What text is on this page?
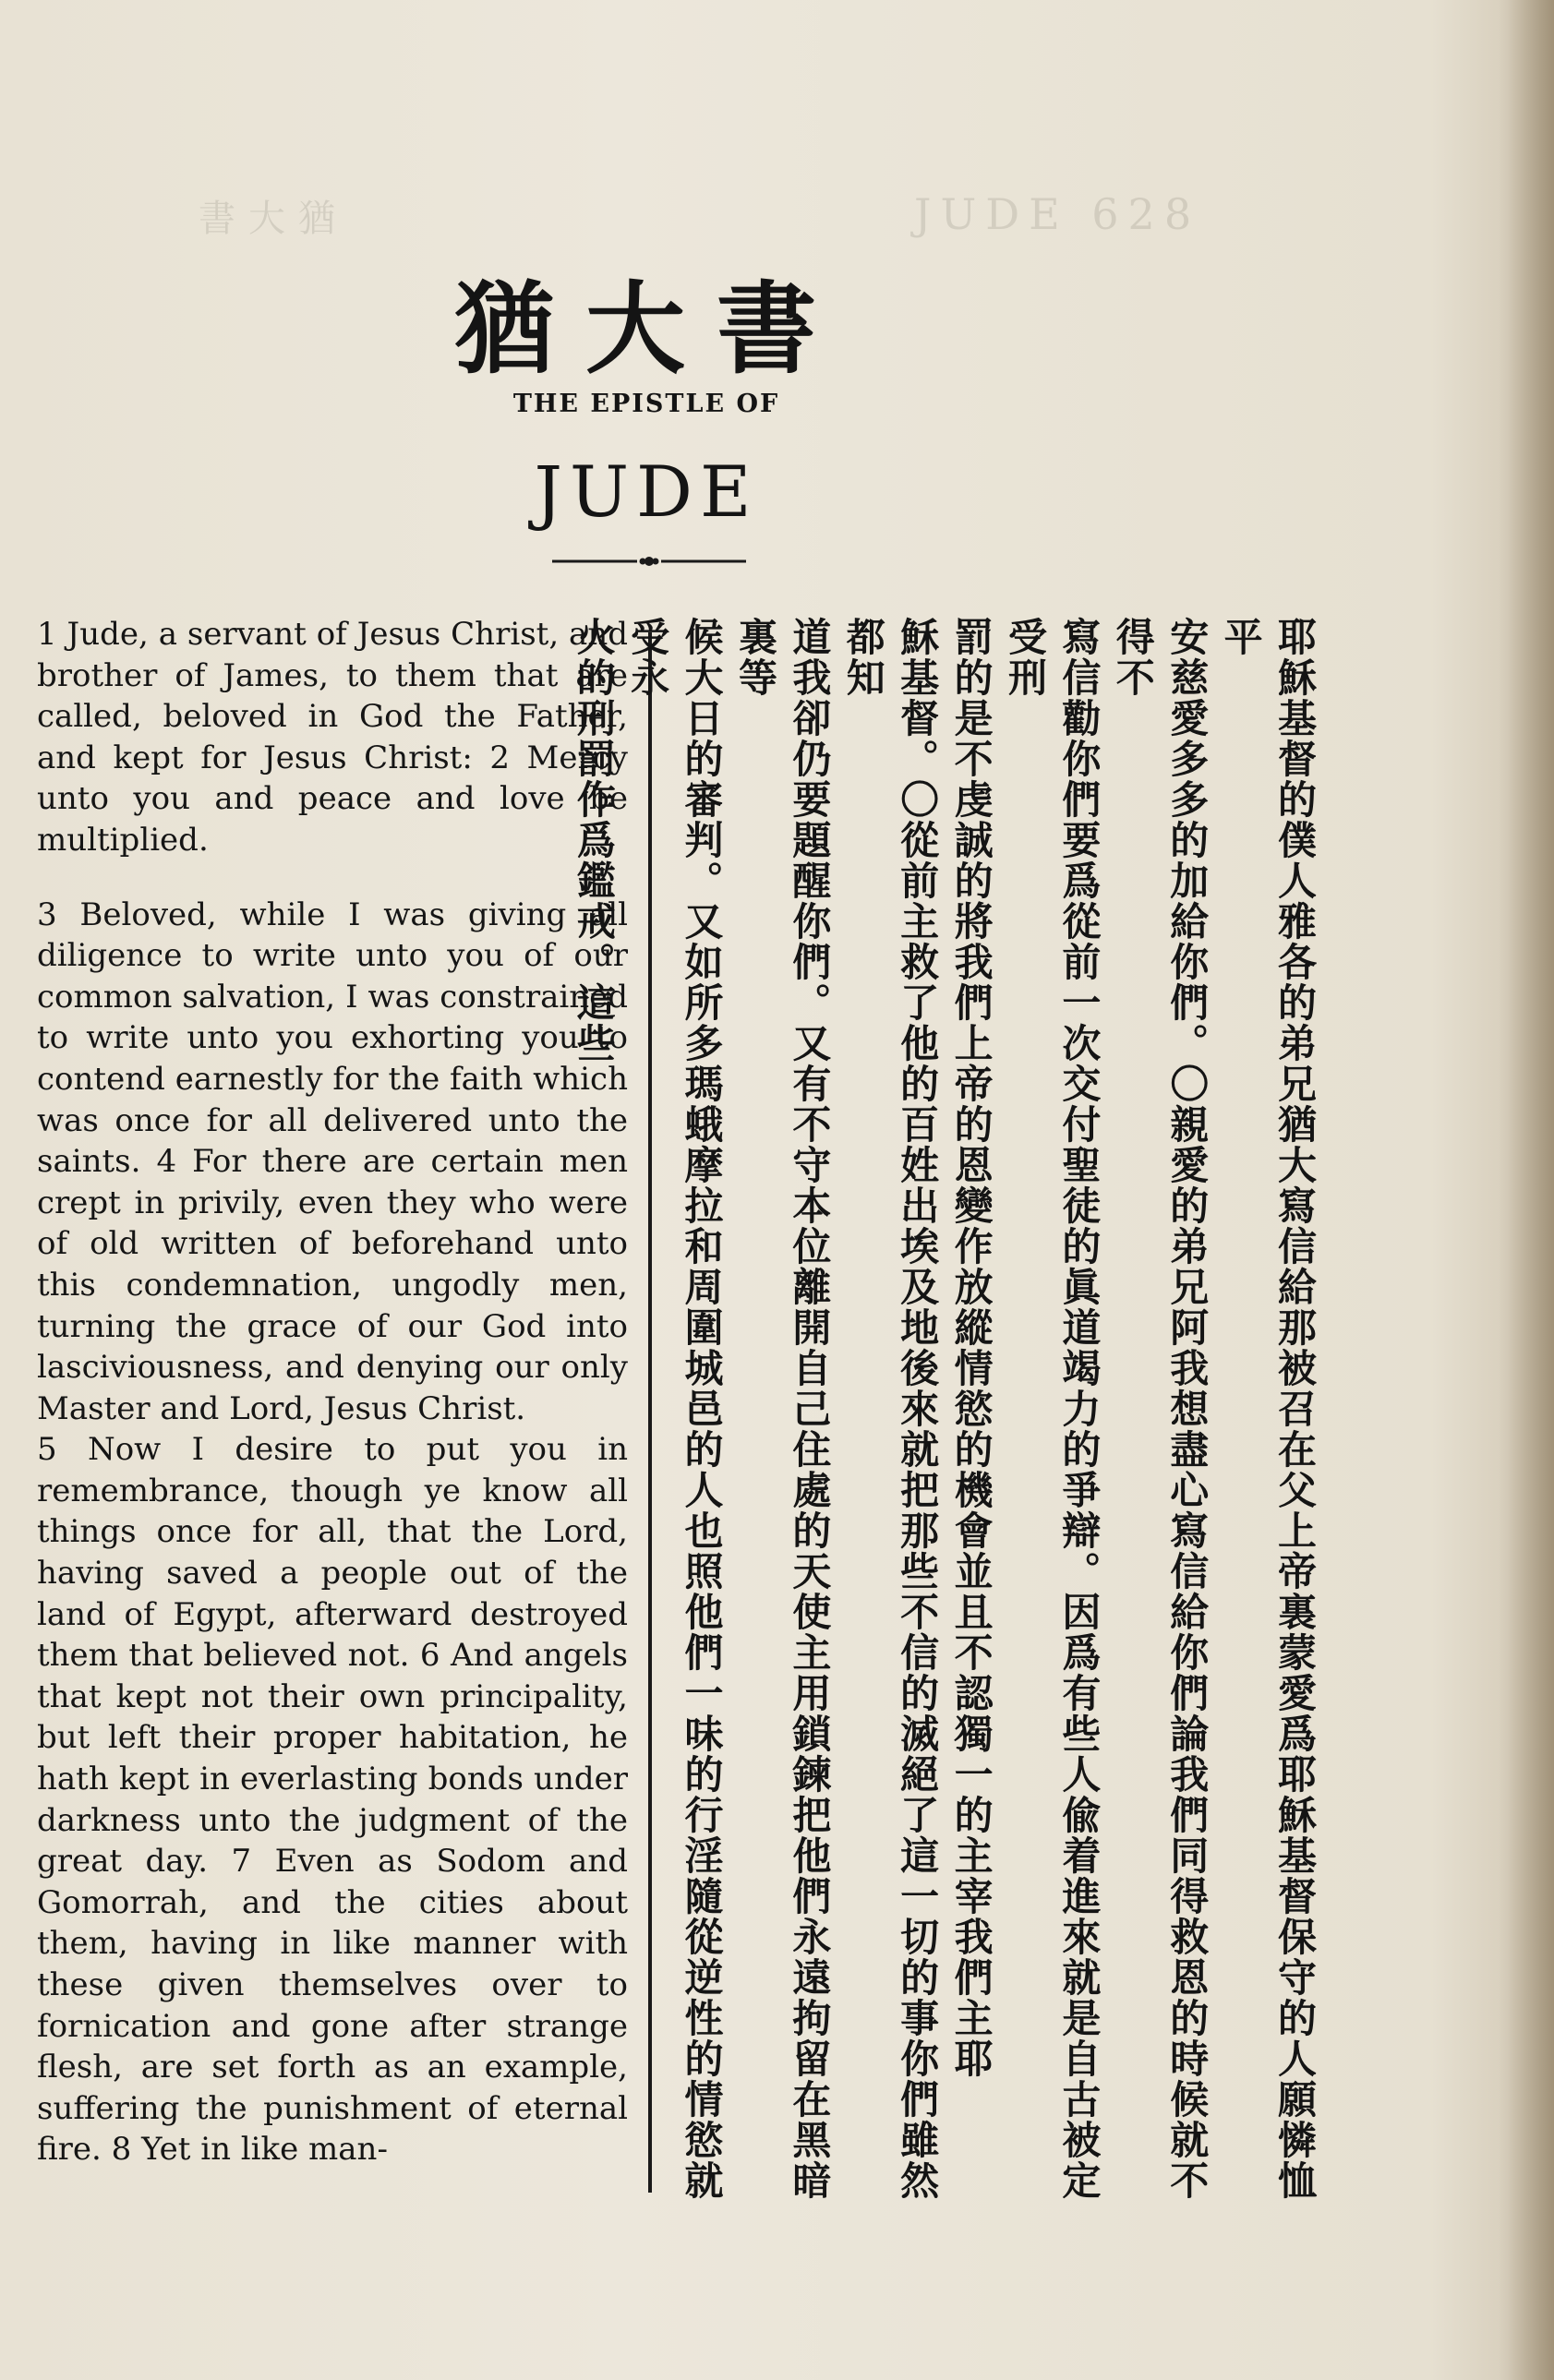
書大猶	JUDE 628
猶大書
THE EPISTLE OF
JUDE

1 Jude, a servant of Jesus Christ, and brother of James, to them that are called, beloved in God the Father, and kept for Jesus Christ: 2 Mercy unto you and peace and love be multiplied.

3 Beloved, while I was giving all diligence to write unto you of our common salvation, I was constrained to write unto you exhorting you to contend earnestly for the faith which was once for all delivered unto the saints. 4 For there are certain men crept in privily, even they who were of old written of beforehand unto this condemnation, ungodly men, turning the grace of our God into lasciviousness, and denying our only Master and Lord, Jesus Christ.

5 Now I desire to put you in remembrance, though ye know all things once for all, that the Lord, having saved a people out of the land of Egypt, afterward destroyed them that believed not. 6 And angels that kept not their own principality, but left their proper habitation, he hath kept in everlasting bonds under darkness unto the judgment of the great day. 7 Even as Sodom and Gomorrah, and the cities about them, having in like manner with these given themselves over to fornication and gone after strange flesh, are set forth as an example, suffering the punishment of eternal fire. 8 Yet in like man-	耶穌基督的僕人雅各的弟兄猶大寫信給那被召在父上帝裏蒙愛爲耶穌基督保守的人願憐恤平
安慈愛多多的加給你們。〇親愛的弟兄阿我想盡心寫信給你們論我們同得救恩的時候就不得不
寫信勸你們要爲從前一次交付聖徒的眞道竭力的爭辯。因爲有些人偸着進來就是自古被定受刑
罰的是不虔誠的將我們上帝的恩變作放縱情慾的機會並且不認獨一的主宰我們主耶
穌基督。〇從前主救了他的百姓出埃及地後來就把那些不信的滅絕了這一切的事你們雖然都知
道我卻仍要題醒你們。又有不守本位離開自己住處的天使主用鎖鍊把他們永遠拘留在黑暗裏等
候大日的審判。又如所多瑪蛾摩拉和周圍城邑的人也照他們一味的行淫隨從逆性的情慾就受永
火的刑罰作爲鑑戒。這些
